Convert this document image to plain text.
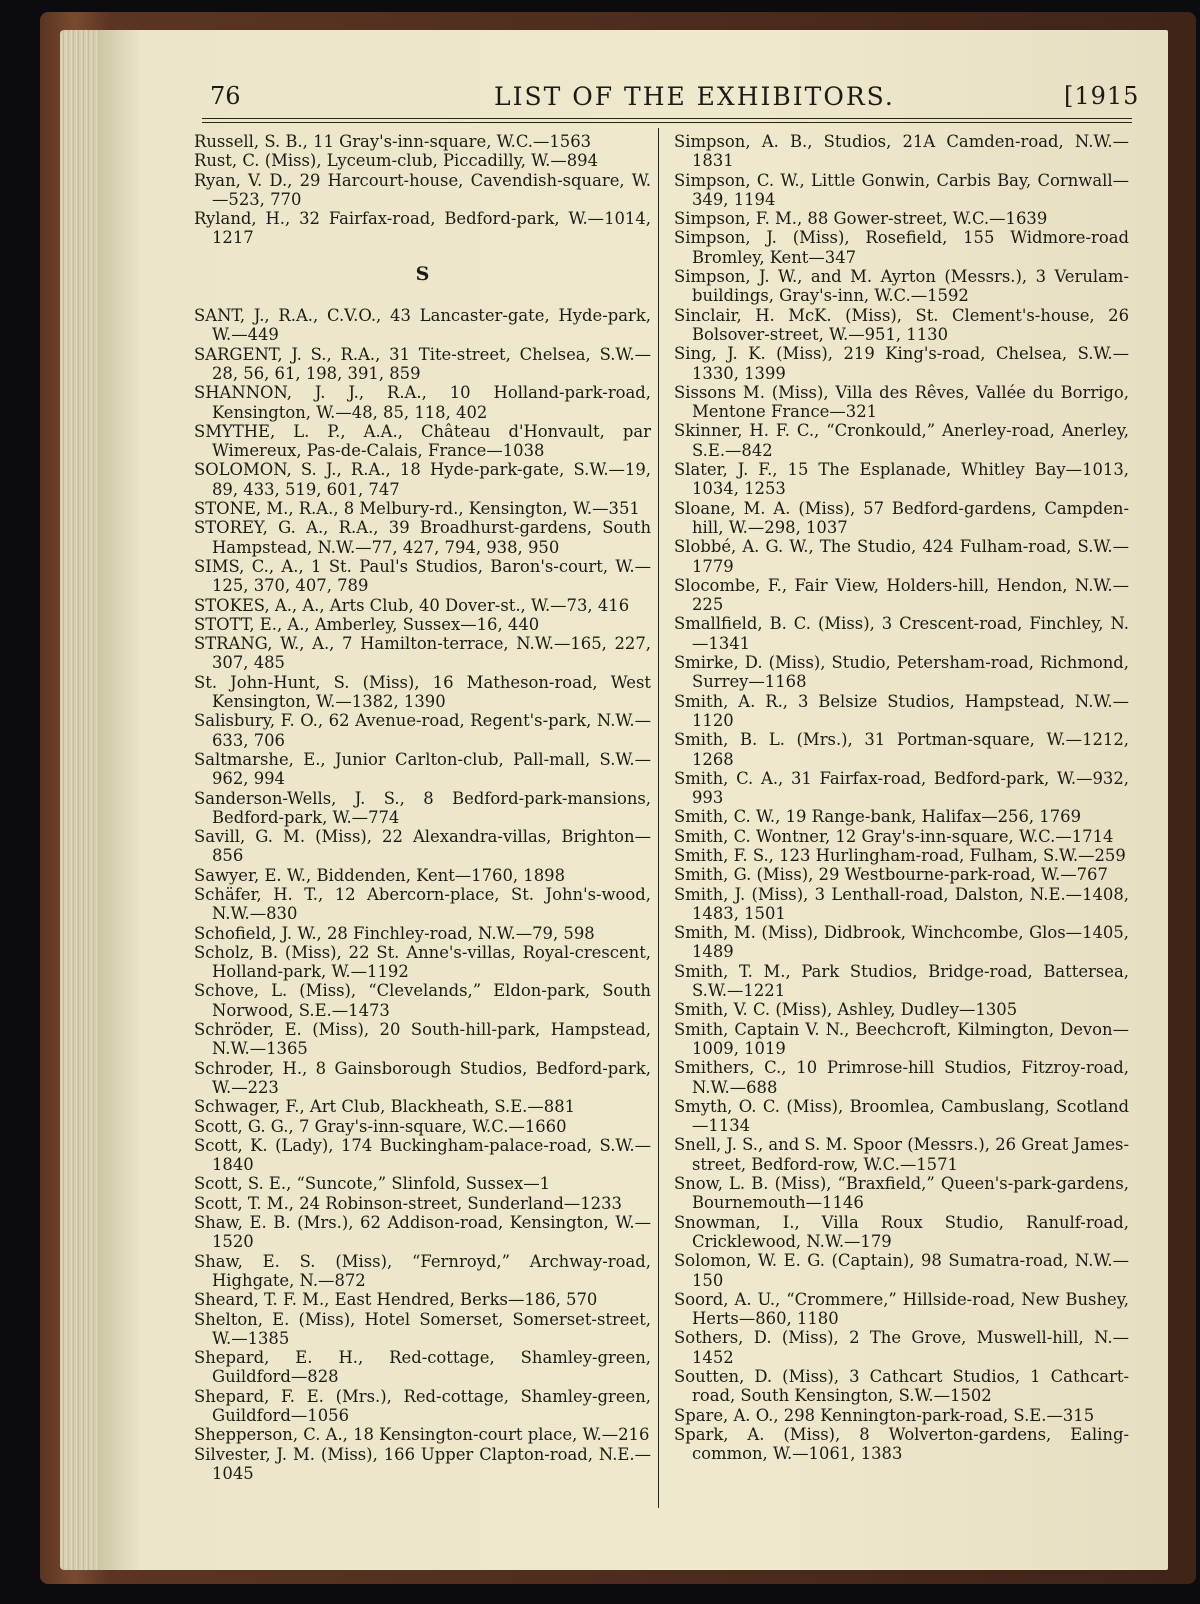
76	LIST OF THE EXHIBITORS.	[1915
Russell, S. B., 11 Gray's-inn-square, W.C.—1563
Rust, C. (Miss), Lyceum-club, Piccadilly, W.—894
Ryan, V. D., 29 Harcourt-house, Cavendish-square, W.—523, 770
Ryland, H., 32 Fairfax-road, Bedford-park, W.—1014, 1217
S
SANT, J., R.A., C.V.O., 43 Lancaster-gate, Hyde-park, W.—449
SARGENT, J. S., R.A., 31 Tite-street, Chelsea, S.W.—28, 56, 61, 198, 391, 859
SHANNON, J. J., R.A., 10 Holland-park-road, Kensington, W.—48, 85, 118, 402
SMYTHE, L. P., A.A., Château d'Honvault, par Wimereux, Pas-de-Calais, France—1038
SOLOMON, S. J., R.A., 18 Hyde-park-gate, S.W.—19, 89, 433, 519, 601, 747
STONE, M., R.A., 8 Melbury-rd., Kensington, W.—351
STOREY, G. A., R.A., 39 Broadhurst-gardens, South Hampstead, N.W.—77, 427, 794, 938, 950
SIMS, C., A., 1 St. Paul's Studios, Baron's-court, W.—125, 370, 407, 789
STOKES, A., A., Arts Club, 40 Dover-st., W.—73, 416
STOTT, E., A., Amberley, Sussex—16, 440
STRANG, W., A., 7 Hamilton-terrace, N.W.—165, 227, 307, 485
St. John-Hunt, S. (Miss), 16 Matheson-road, West Kensington, W.—1382, 1390
Salisbury, F. O., 62 Avenue-road, Regent's-park, N.W.—633, 706
Saltmarshe, E., Junior Carlton-club, Pall-mall, S.W.—962, 994
Sanderson-Wells, J. S., 8 Bedford-park-mansions, Bedford-park, W.—774
Savill, G. M. (Miss), 22 Alexandra-villas, Brighton—856
Sawyer, E. W., Biddenden, Kent—1760, 1898
Schäfer, H. T., 12 Abercorn-place, St. John's-wood, N.W.—830
Schofield, J. W., 28 Finchley-road, N.W.—79, 598
Scholz, B. (Miss), 22 St. Anne's-villas, Royal-crescent, Holland-park, W.—1192
Schove, L. (Miss), “Clevelands,” Eldon-park, South Norwood, S.E.—1473
Schröder, E. (Miss), 20 South-hill-park, Hampstead, N.W.—1365
Schroder, H., 8 Gainsborough Studios, Bedford-park, W.—223
Schwager, F., Art Club, Blackheath, S.E.—881
Scott, G. G., 7 Gray's-inn-square, W.C.—1660
Scott, K. (Lady), 174 Buckingham-palace-road, S.W.—1840
Scott, S. E., “Suncote,” Slinfold, Sussex—1
Scott, T. M., 24 Robinson-street, Sunderland—1233
Shaw, E. B. (Mrs.), 62 Addison-road, Kensington, W.—1520
Shaw, E. S. (Miss), “Fernroyd,” Archway-road, Highgate, N.—872
Sheard, T. F. M., East Hendred, Berks—186, 570
Shelton, E. (Miss), Hotel Somerset, Somerset-street, W.—1385
Shepard, E. H., Red-cottage, Shamley-green, Guildford—828
Shepard, F. E. (Mrs.), Red-cottage, Shamley-green, Guildford—1056
Shepperson, C. A., 18 Kensington-court place, W.—216
Silvester, J. M. (Miss), 166 Upper Clapton-road, N.E.—1045
Simpson, A. B., Studios, 21A Camden-road, N.W.—1831
Simpson, C. W., Little Gonwin, Carbis Bay, Cornwall—349, 1194
Simpson, F. M., 88 Gower-street, W.C.—1639
Simpson, J. (Miss), Rosefield, 155 Widmore-road Bromley, Kent—347
Simpson, J. W., and M. Ayrton (Messrs.), 3 Verulam-buildings, Gray's-inn, W.C.—1592
Sinclair, H. McK. (Miss), St. Clement's-house, 26 Bolsover-street, W.—951, 1130
Sing, J. K. (Miss), 219 King's-road, Chelsea, S.W.—1330, 1399
Sissons M. (Miss), Villa des Rêves, Vallée du Borrigo, Mentone France—321
Skinner, H. F. C., “Cronkould,” Anerley-road, Anerley, S.E.—842
Slater, J. F., 15 The Esplanade, Whitley Bay—1013, 1034, 1253
Sloane, M. A. (Miss), 57 Bedford-gardens, Campden-hill, W.—298, 1037
Slobbé, A. G. W., The Studio, 424 Fulham-road, S.W.—1779
Slocombe, F., Fair View, Holders-hill, Hendon, N.W.—225
Smallfield, B. C. (Miss), 3 Crescent-road, Finchley, N.—1341
Smirke, D. (Miss), Studio, Petersham-road, Richmond, Surrey—1168
Smith, A. R., 3 Belsize Studios, Hampstead, N.W.—1120
Smith, B. L. (Mrs.), 31 Portman-square, W.—1212, 1268
Smith, C. A., 31 Fairfax-road, Bedford-park, W.—932, 993
Smith, C. W., 19 Range-bank, Halifax—256, 1769
Smith, C. Wontner, 12 Gray's-inn-square, W.C.—1714
Smith, F. S., 123 Hurlingham-road, Fulham, S.W.—259
Smith, G. (Miss), 29 Westbourne-park-road, W.—767
Smith, J. (Miss), 3 Lenthall-road, Dalston, N.E.—1408, 1483, 1501
Smith, M. (Miss), Didbrook, Winchcombe, Glos—1405, 1489
Smith, T. M., Park Studios, Bridge-road, Battersea, S.W.—1221
Smith, V. C. (Miss), Ashley, Dudley—1305
Smith, Captain V. N., Beechcroft, Kilmington, Devon—1009, 1019
Smithers, C., 10 Primrose-hill Studios, Fitzroy-road, N.W.—688
Smyth, O. C. (Miss), Broomlea, Cambuslang, Scotland—1134
Snell, J. S., and S. M. Spoor (Messrs.), 26 Great James-street, Bedford-row, W.C.—1571
Snow, L. B. (Miss), “Braxfield,” Queen's-park-gardens, Bournemouth—1146
Snowman, I., Villa Roux Studio, Ranulf-road, Cricklewood, N.W.—179
Solomon, W. E. G. (Captain), 98 Sumatra-road, N.W.—150
Soord, A. U., “Crommere,” Hillside-road, New Bushey, Herts—860, 1180
Sothers, D. (Miss), 2 The Grove, Muswell-hill, N.—1452
Soutten, D. (Miss), 3 Cathcart Studios, 1 Cathcart-road, South Kensington, S.W.—1502
Spare, A. O., 298 Kennington-park-road, S.E.—315
Spark, A. (Miss), 8 Wolverton-gardens, Ealing-common, W.—1061, 1383
